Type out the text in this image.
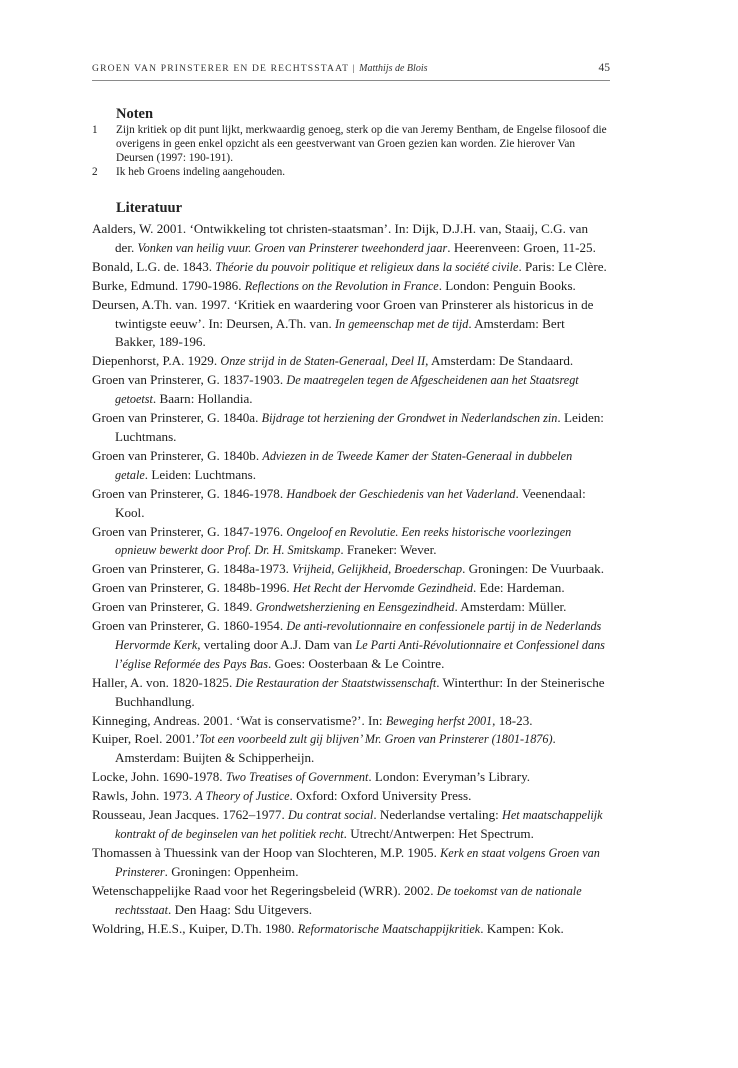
GROEN VAN PRINSTERER EN DE RECHTSSTAAT | Matthijs de Blois	45
Noten
1	Zijn kritiek op dit punt lijkt, merkwaardig genoeg, sterk op die van Jeremy Bentham, de Engelse filosoof die overigens in geen enkel opzicht als een geestverwant van Groen gezien kan worden. Zie hierover Van Deursen (1997: 190-191).
2	Ik heb Groens indeling aangehouden.
Literatuur

Aalders, W. 2001. ‘Ontwikkeling tot christen-staatsman’. In: Dijk, D.J.H. van, Staaij, C.G. van der. Vonken van heilig vuur. Groen van Prinsterer tweehonderd jaar. Heerenveen: Groen, 11-25.

Bonald, L.G. de. 1843. Théorie du pouvoir politique et religieux dans la société civile. Paris: Le Clère.

Burke, Edmund. 1790-1986. Reflections on the Revolution in France. London: Penguin Books.

Deursen, A.Th. van. 1997. ‘Kritiek en waardering voor Groen van Prinsterer als historicus in de twintigste eeuw’. In: Deursen, A.Th. van. In gemeenschap met de tijd. Amsterdam: Bert Bakker, 189-196.

Diepenhorst, P.A. 1929. Onze strijd in de Staten-Generaal, Deel II, Amsterdam: De Standaard.

Groen van Prinsterer, G. 1837-1903. De maatregelen tegen de Afgescheidenen aan het Staatsregt getoetst. Baarn: Hollandia.

Groen van Prinsterer, G. 1840a. Bijdrage tot herziening der Grondwet in Nederlandschen zin. Leiden: Luchtmans.

Groen van Prinsterer, G. 1840b. Adviezen in de Tweede Kamer der Staten-Generaal in dubbelen getale. Leiden: Luchtmans.

Groen van Prinsterer, G. 1846-1978. Handboek der Geschiedenis van het Vaderland. Veenendaal: Kool.

Groen van Prinsterer, G. 1847-1976. Ongeloof en Revolutie. Een reeks historische voorlezingen opnieuw bewerkt door Prof. Dr. H. Smitskamp. Franeker: Wever.

Groen van Prinsterer, G. 1848a-1973. Vrijheid, Gelijkheid, Broederschap. Groningen: De Vuurbaak.

Groen van Prinsterer, G. 1848b-1996. Het Recht der Hervomde Gezindheid. Ede: Hardeman.

Groen van Prinsterer, G. 1849. Grondwetsherziening en Eensgezindheid. Amsterdam: Müller.

Groen van Prinsterer, G. 1860-1954. De anti-revolutionnaire en confessionele partij in de Nederlands Hervormde Kerk, vertaling door A.J. Dam van Le Parti Anti-Révolutionnaire et Confessionel dans l’église Reformée des Pays Bas. Goes: Oosterbaan & Le Cointre.

Haller, A. von. 1820-1825. Die Restauration der Staatstwissenschaft. Winterthur: In der Steinerische Buchhandlung.

Kinneging, Andreas. 2001. ‘Wat is conservatisme?’. In: Beweging herfst 2001, 18-23.

Kuiper, Roel. 2001.’Tot een voorbeeld zult gij blijven’ Mr. Groen van Prinsterer (1801-1876). Amsterdam: Buijten & Schipperheijn.

Locke, John. 1690-1978. Two Treatises of Government. London: Everyman’s Library.

Rawls, John. 1973. A Theory of Justice. Oxford: Oxford University Press.

Rousseau, Jean Jacques. 1762–1977. Du contrat social. Nederlandse vertaling: Het maatschappelijk kontrakt of de beginselen van het politiek recht. Utrecht/Antwerpen: Het Spectrum.

Thomassen à Thuessink van der Hoop van Slochteren, M.P. 1905. Kerk en staat volgens Groen van Prinsterer. Groningen: Oppenheim.

Wetenschappelijke Raad voor het Regeringsbeleid (WRR). 2002. De toekomst van de nationale rechtsstaat. Den Haag: Sdu Uitgevers.

Woldring, H.E.S., Kuiper, D.Th. 1980. Reformatorische Maatschappijkritiek. Kampen: Kok.
